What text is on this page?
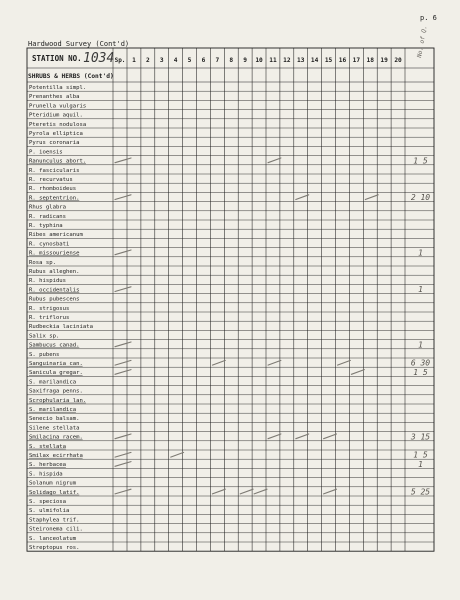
p. 6
Hardwood Survey (Cont'd)
STATION NO. 1034 Sp. 1 2 3 4 5 6 7 8 9 10 11 12 13 14 15 16 17 18 19 20
No. of Q.
SHRUBS & HERBS (Cont'd)
Potentilla simpl.
Prenanthes alba
Prunella vulgaris
Pteridium aquil.
Pteretis nodulosa
Pyrola elliptica
Pyrus coronaria
P. ioensis
Ranunculus abort.
R. fascicularis
R. recurvatus
R. rhomboideus
R. septentrion.
Rhus glabra
R. radicans
R. typhina
Ribes americanum
R. cynosbati
R. missouriense
Rosa sp.
Rubus alleghen.
R. hispidus
R. occidentalis
Rubus pubescens
R. strigosus
R. triflorus
Rudbeckia laciniata
Salix sp.
Sambucus canad.
S. pubens
Sanguinaria can.
Sanicula gregar.
S. marilandica
Saxifraga penns.
Scrophularia lan.
S. marilandica
Senecio balsam.
Silene stellata
Smilacina racem.
S. stellata
Smilax ecirrhata
S. herbacea
S. hispida
Solanum nigrum
Solidago latif.
S. speciosa
S. ulmifolia
Staphylea trif.
Steironema cili.
S. lanceolatum
Streptopus ros.
1 5
2 10
1
1
1
6 30
1 5
3 15
1 5
1
5 25
